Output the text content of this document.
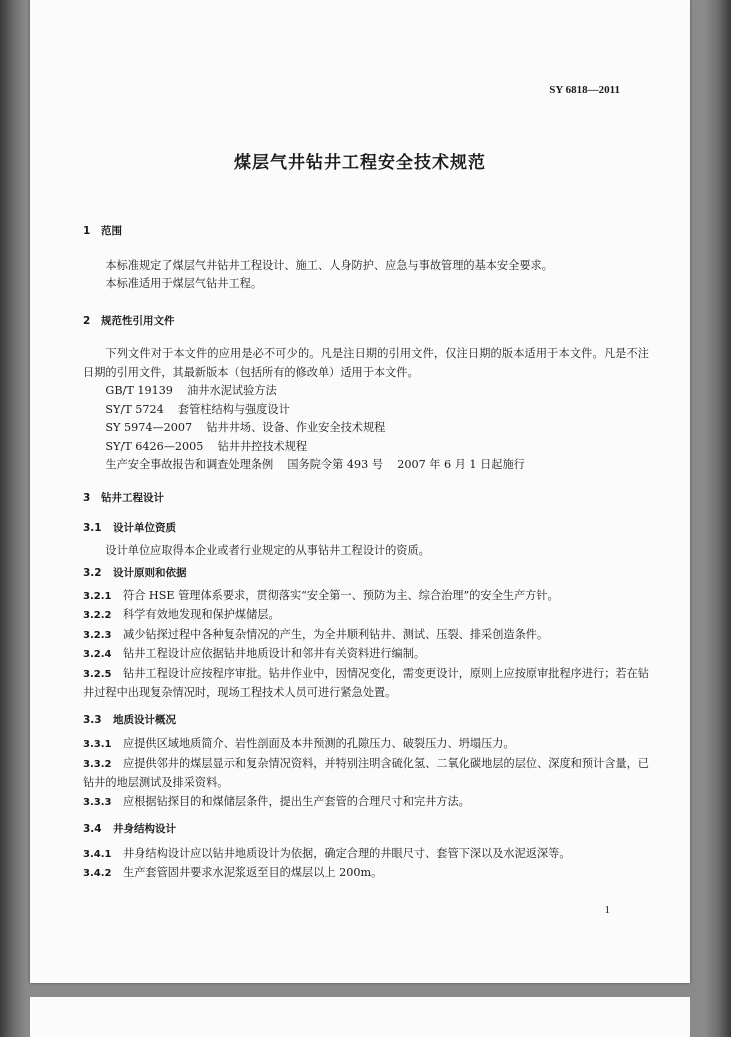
SY 6818—2011
煤层气井钻井工程安全技术规范
1 范围
本标准规定了煤层气井钻井工程设计、施工、人身防护、应急与事故管理的基本安全要求。
本标准适用于煤层气钻井工程。
2 规范性引用文件
下列文件对于本文件的应用是必不可少的。凡是注日期的引用文件，仅注日期的版本适用于本文件。凡是不注日期的引用文件，其最新版本（包括所有的修改单）适用于本文件。
GB/T 19139    油井水泥试验方法
SY/T 5724    套管柱结构与强度设计
SY 5974—2007    钻井井场、设备、作业安全技术规程
SY/T 6426—2005    钻井井控技术规程
生产安全事故报告和调查处理条例    国务院令第 493 号    2007 年 6 月 1 日起施行
3 钻井工程设计
3.1 设计单位资质
设计单位应取得本企业或者行业规定的从事钻井工程设计的资质。
3.2 设计原则和依据
3.2.1 符合 HSE 管理体系要求，贯彻落实“安全第一、预防为主、综合治理”的安全生产方针。
3.2.2 科学有效地发现和保护煤储层。
3.2.3 减少钻探过程中各种复杂情况的产生，为全井顺利钻井、测试、压裂、排采创造条件。
3.2.4 钻井工程设计应依据钻井地质设计和邻井有关资料进行编制。
3.2.5 钻井工程设计应按程序审批。钻井作业中，因情况变化，需变更设计，原则上应按原审批程序进行；若在钻井过程中出现复杂情况时，现场工程技术人员可进行紧急处置。
3.3 地质设计概况
3.3.1 应提供区域地质简介、岩性剖面及本井预测的孔隙压力、破裂压力、坍塌压力。
3.3.2 应提供邻井的煤层显示和复杂情况资料，并特别注明含硫化氢、二氧化碳地层的层位、深度和预计含量，已钻井的地层测试及排采资料。
3.3.3 应根据钻探目的和煤储层条件，提出生产套管的合理尺寸和完井方法。
3.4 井身结构设计
3.4.1 井身结构设计应以钻井地质设计为依据，确定合理的井眼尺寸、套管下深以及水泥返深等。
3.4.2 生产套管固井要求水泥浆返至目的煤层以上 200m。
1
